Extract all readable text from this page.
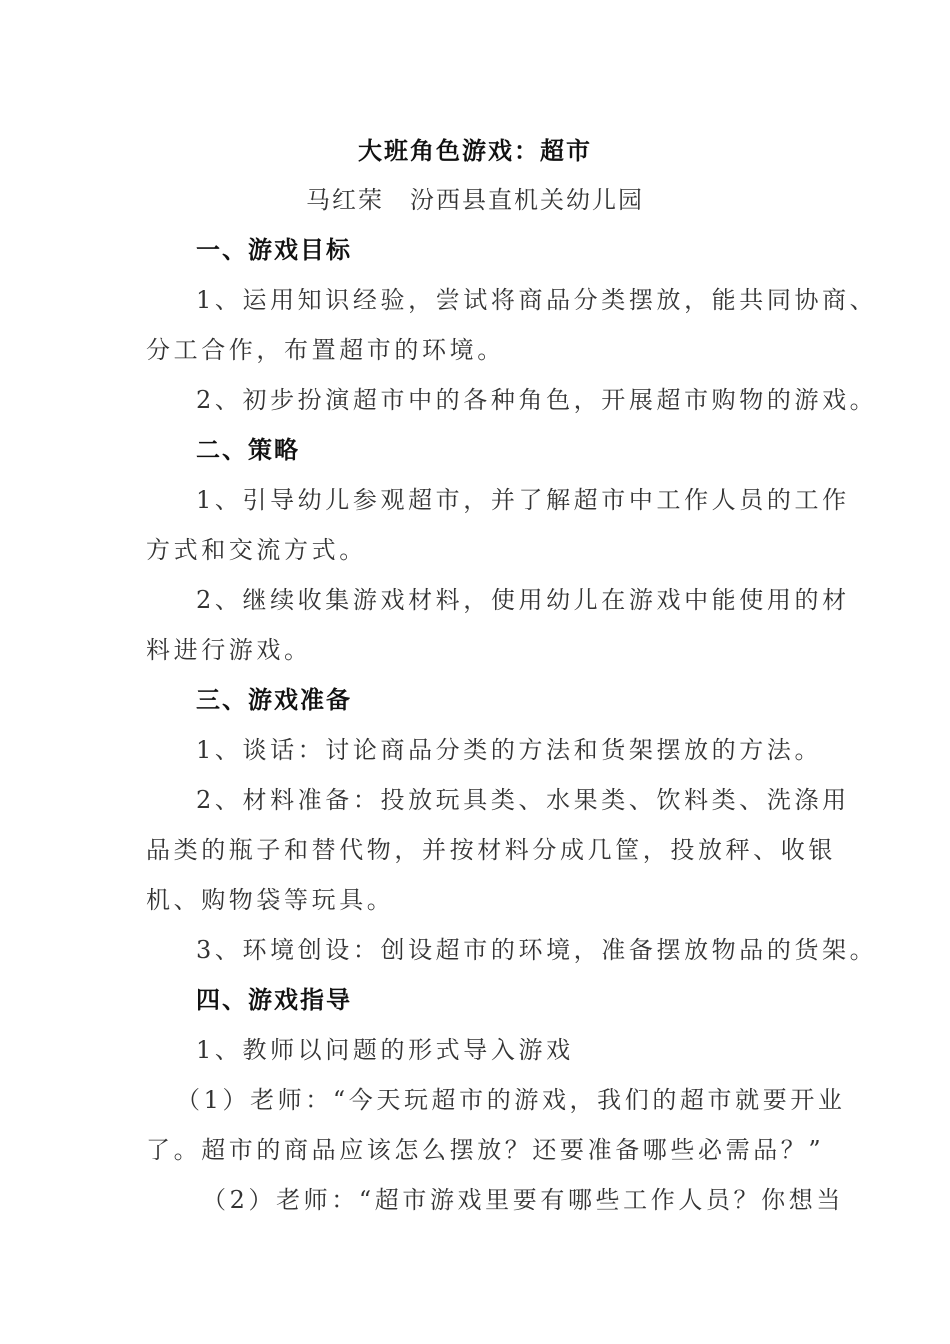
大班角色游戏：超市
马红荣　汾西县直机关幼儿园
一、游戏目标
1、运用知识经验，尝试将商品分类摆放，能共同协商、
分工合作，布置超市的环境。
2、初步扮演超市中的各种角色，开展超市购物的游戏。
二、策略
1、引导幼儿参观超市，并了解超市中工作人员的工作
方式和交流方式。
2、继续收集游戏材料，使用幼儿在游戏中能使用的材
料进行游戏。
三、游戏准备
1、谈话：讨论商品分类的方法和货架摆放的方法。
2、材料准备：投放玩具类、水果类、饮料类、洗涤用
品类的瓶子和替代物，并按材料分成几筐，投放秤、收银
机、购物袋等玩具。
3、环境创设：创设超市的环境，准备摆放物品的货架。
四、游戏指导
1、教师以问题的形式导入游戏
（1）老师：“今天玩超市的游戏，我们的超市就要开业
了。超市的商品应该怎么摆放？还要准备哪些必需品？”
（2）老师：“超市游戏里要有哪些工作人员？你想当
